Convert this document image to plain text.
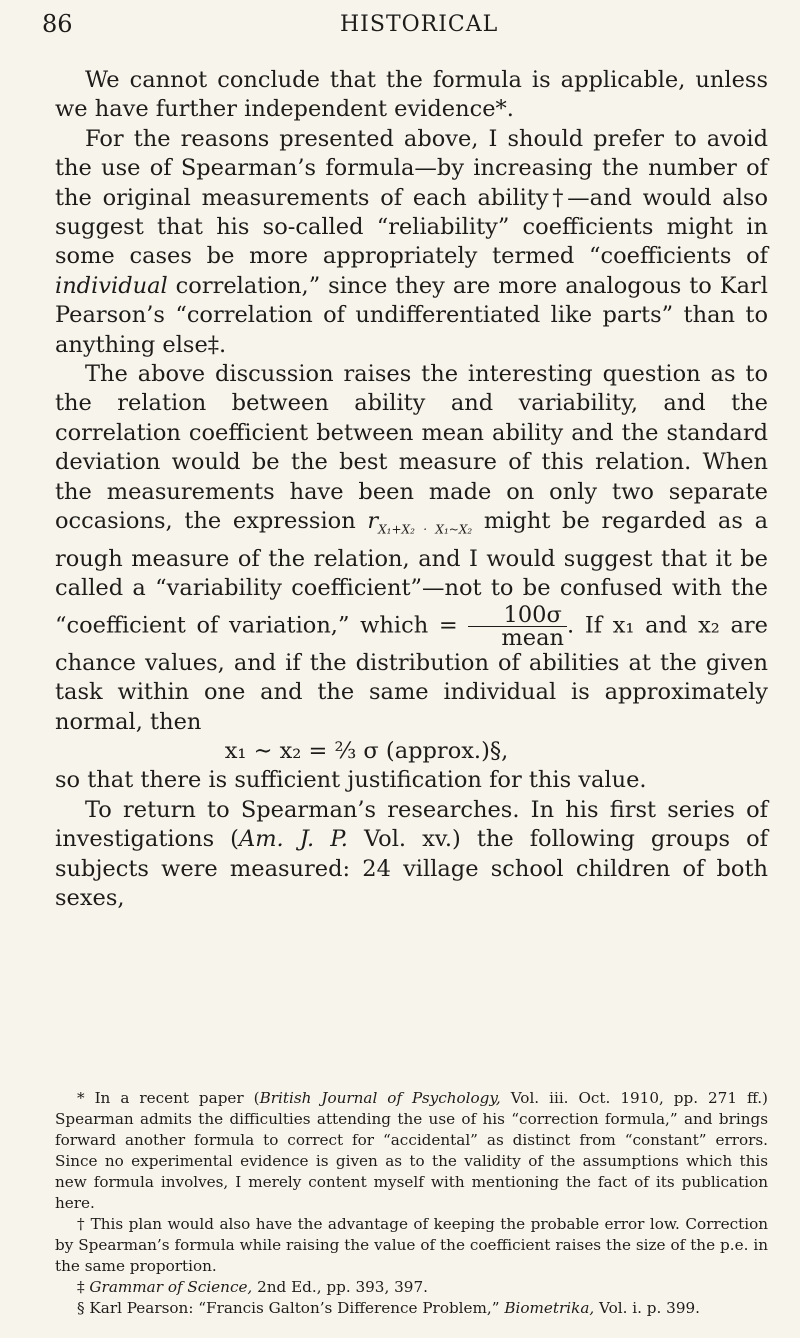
86	HISTORICAL

We cannot conclude that the formula is applicable, unless we have further independent evidence*.

For the reasons presented above, I should prefer to avoid the use of Spearman’s formula—by increasing the number of the original measurements of each ability†—and would also suggest that his so-called “reliability” coefficients might in some cases be more appropriately termed “coefficients of individual correlation,” since they are more analogous to Karl Pearson’s “correlation of undifferentiated like parts” than to anything else‡.

The above discussion raises the interesting question as to the relation between ability and variability, and the correlation coefficient between mean ability and the standard deviation would be the best measure of this relation. When the measurements have been made on only two separate occasions, the expression $r_{X_1+X_2 \cdot X_1\sim X_2}$ might be regarded as a rough measure of the relation, and I would suggest that it be called a “variability coefficient”—not to be confused with the “coefficient of variation,” which = $\frac{100\sigma}{\text{mean}}$ . If x₁ and x₂ are chance values, and if the distribution of abilities at the given task within one and the same individual is approximately normal, then

x₁ ∼ x₂ = ⅔ σ (approx.)§,

so that there is sufficient justification for this value.

To return to Spearman’s researches. In his first series of investigations (Am. J. P. Vol. xv.) the following groups of subjects were measured: 24 village school children of both sexes,

* In a recent paper (British Journal of Psychology, Vol. iii. Oct. 1910, pp. 271 ff.) Spearman admits the difficulties attending the use of his “correction formula,” and brings forward another formula to correct for “accidental” as distinct from “constant” errors. Since no experimental evidence is given as to the validity of the assumptions which this new formula involves, I merely content myself with mentioning the fact of its publication here.

† This plan would also have the advantage of keeping the probable error low. Correction by Spearman’s formula while raising the value of the coefficient raises the size of the p.e. in the same proportion.

‡ Grammar of Science, 2nd Ed., pp. 393, 397.

§ Karl Pearson: “Francis Galton’s Difference Problem,” Biometrika, Vol. i. p. 399.
